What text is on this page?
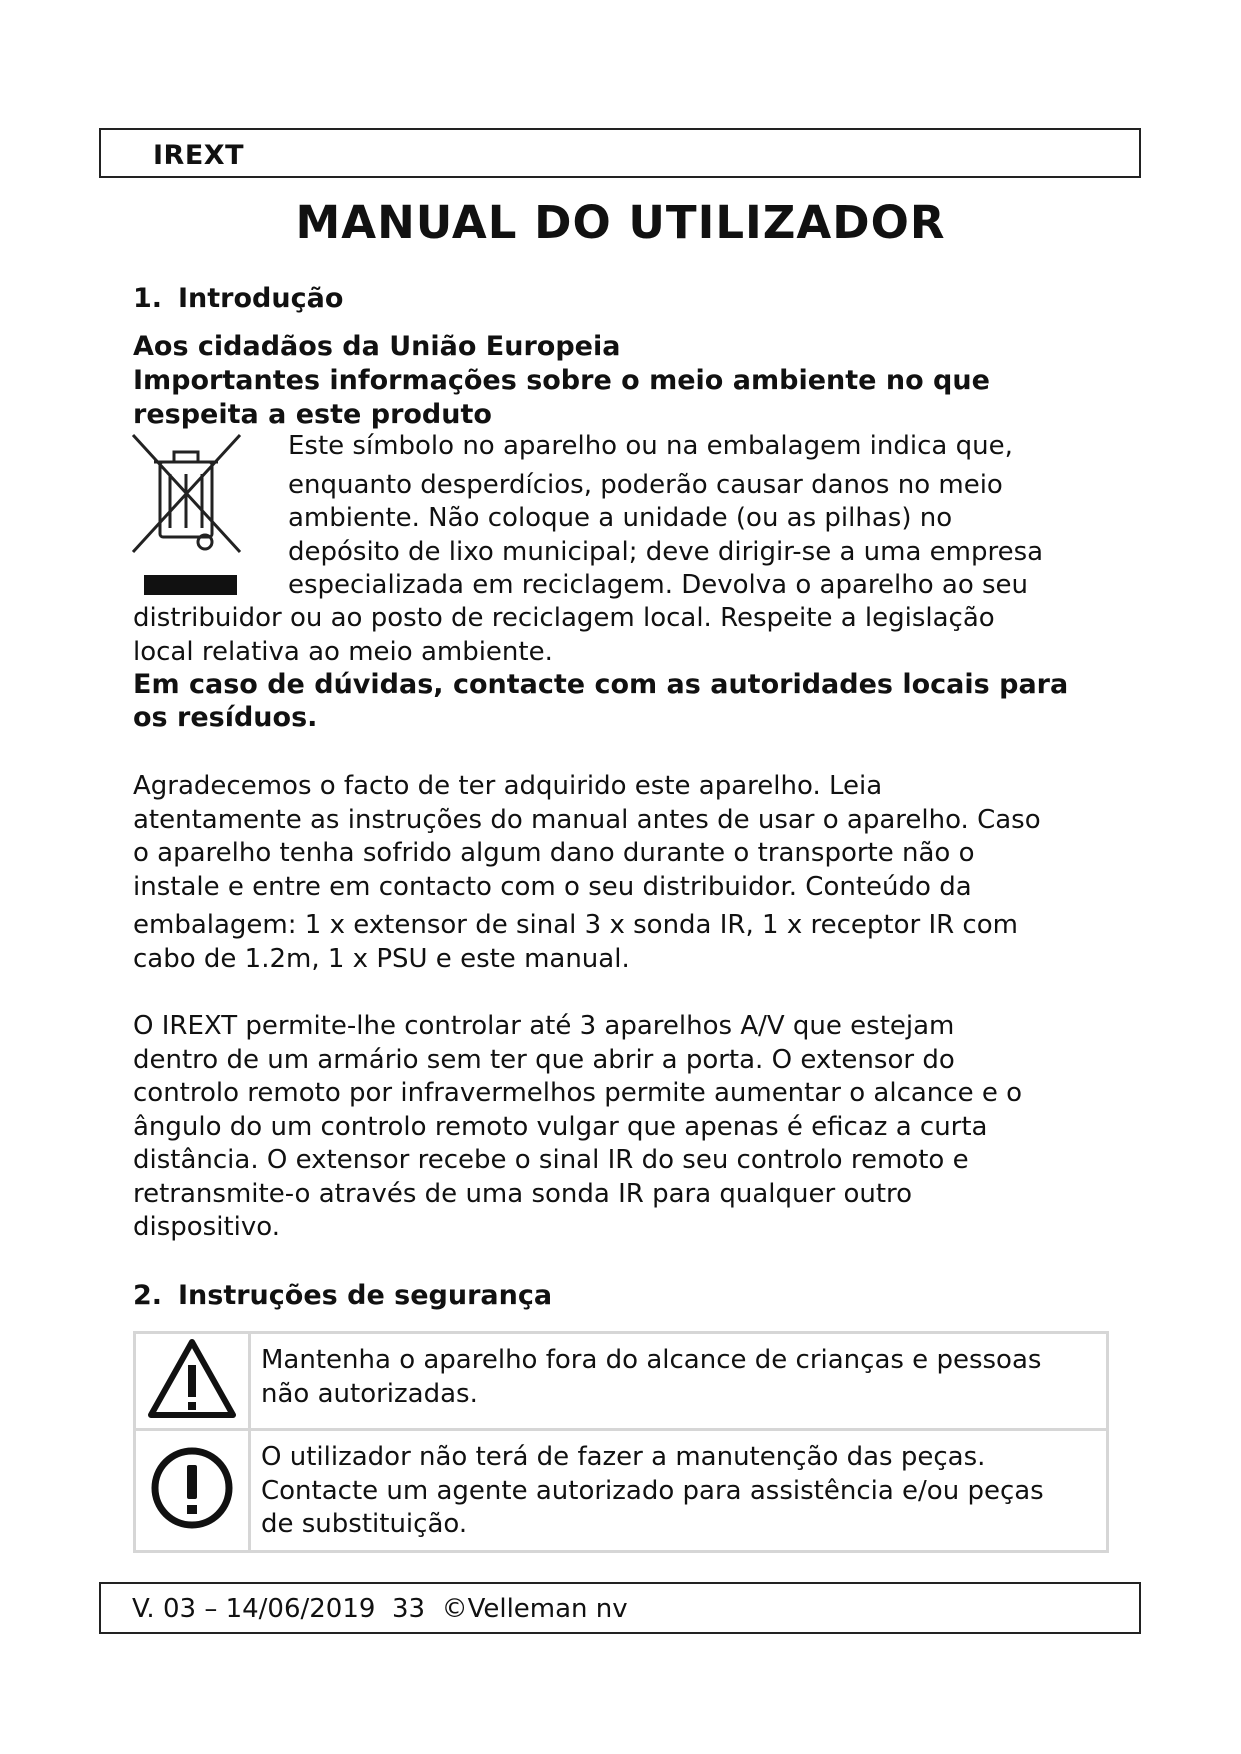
IREXT
MANUAL DO UTILIZADOR
1. Introdução
Aos cidadãos da União Europeia
Importantes informações sobre o meio ambiente no que
respeita a este produto
Este símbolo no aparelho ou na embalagem indica que,
enquanto desperdícios, poderão causar danos no meio
ambiente. Não coloque a unidade (ou as pilhas) no
depósito de lixo municipal; deve dirigir-se a uma empresa
especializada em reciclagem. Devolva o aparelho ao seu
distribuidor ou ao posto de reciclagem local. Respeite a legislação
local relativa ao meio ambiente.
Em caso de dúvidas, contacte com as autoridades locais para
os resíduos.
Agradecemos o facto de ter adquirido este aparelho. Leia
atentamente as instruções do manual antes de usar o aparelho. Caso
o aparelho tenha sofrido algum dano durante o transporte não o
instale e entre em contacto com o seu distribuidor. Conteúdo da
embalagem: 1 x extensor de sinal 3 x sonda IR, 1 x receptor IR com
cabo de 1.2m, 1 x PSU e este manual.
O IREXT permite-lhe controlar até 3 aparelhos A/V que estejam
dentro de um armário sem ter que abrir a porta. O extensor do
controlo remoto por infravermelhos permite aumentar o alcance e o
ângulo do um controlo remoto vulgar que apenas é eficaz a curta
distância. O extensor recebe o sinal IR do seu controlo remoto e
retransmite-o através de uma sonda IR para qualquer outro
dispositivo.
2. Instruções de segurança

Mantenha o aparelho fora do alcance de crianças e pessoas
não autorizadas.

O utilizador não terá de fazer a manutenção das peças.
Contacte um agente autorizado para assistência e/ou peças
de substituição.
V. 03 – 14/06/2019  33  ©Velleman nv
